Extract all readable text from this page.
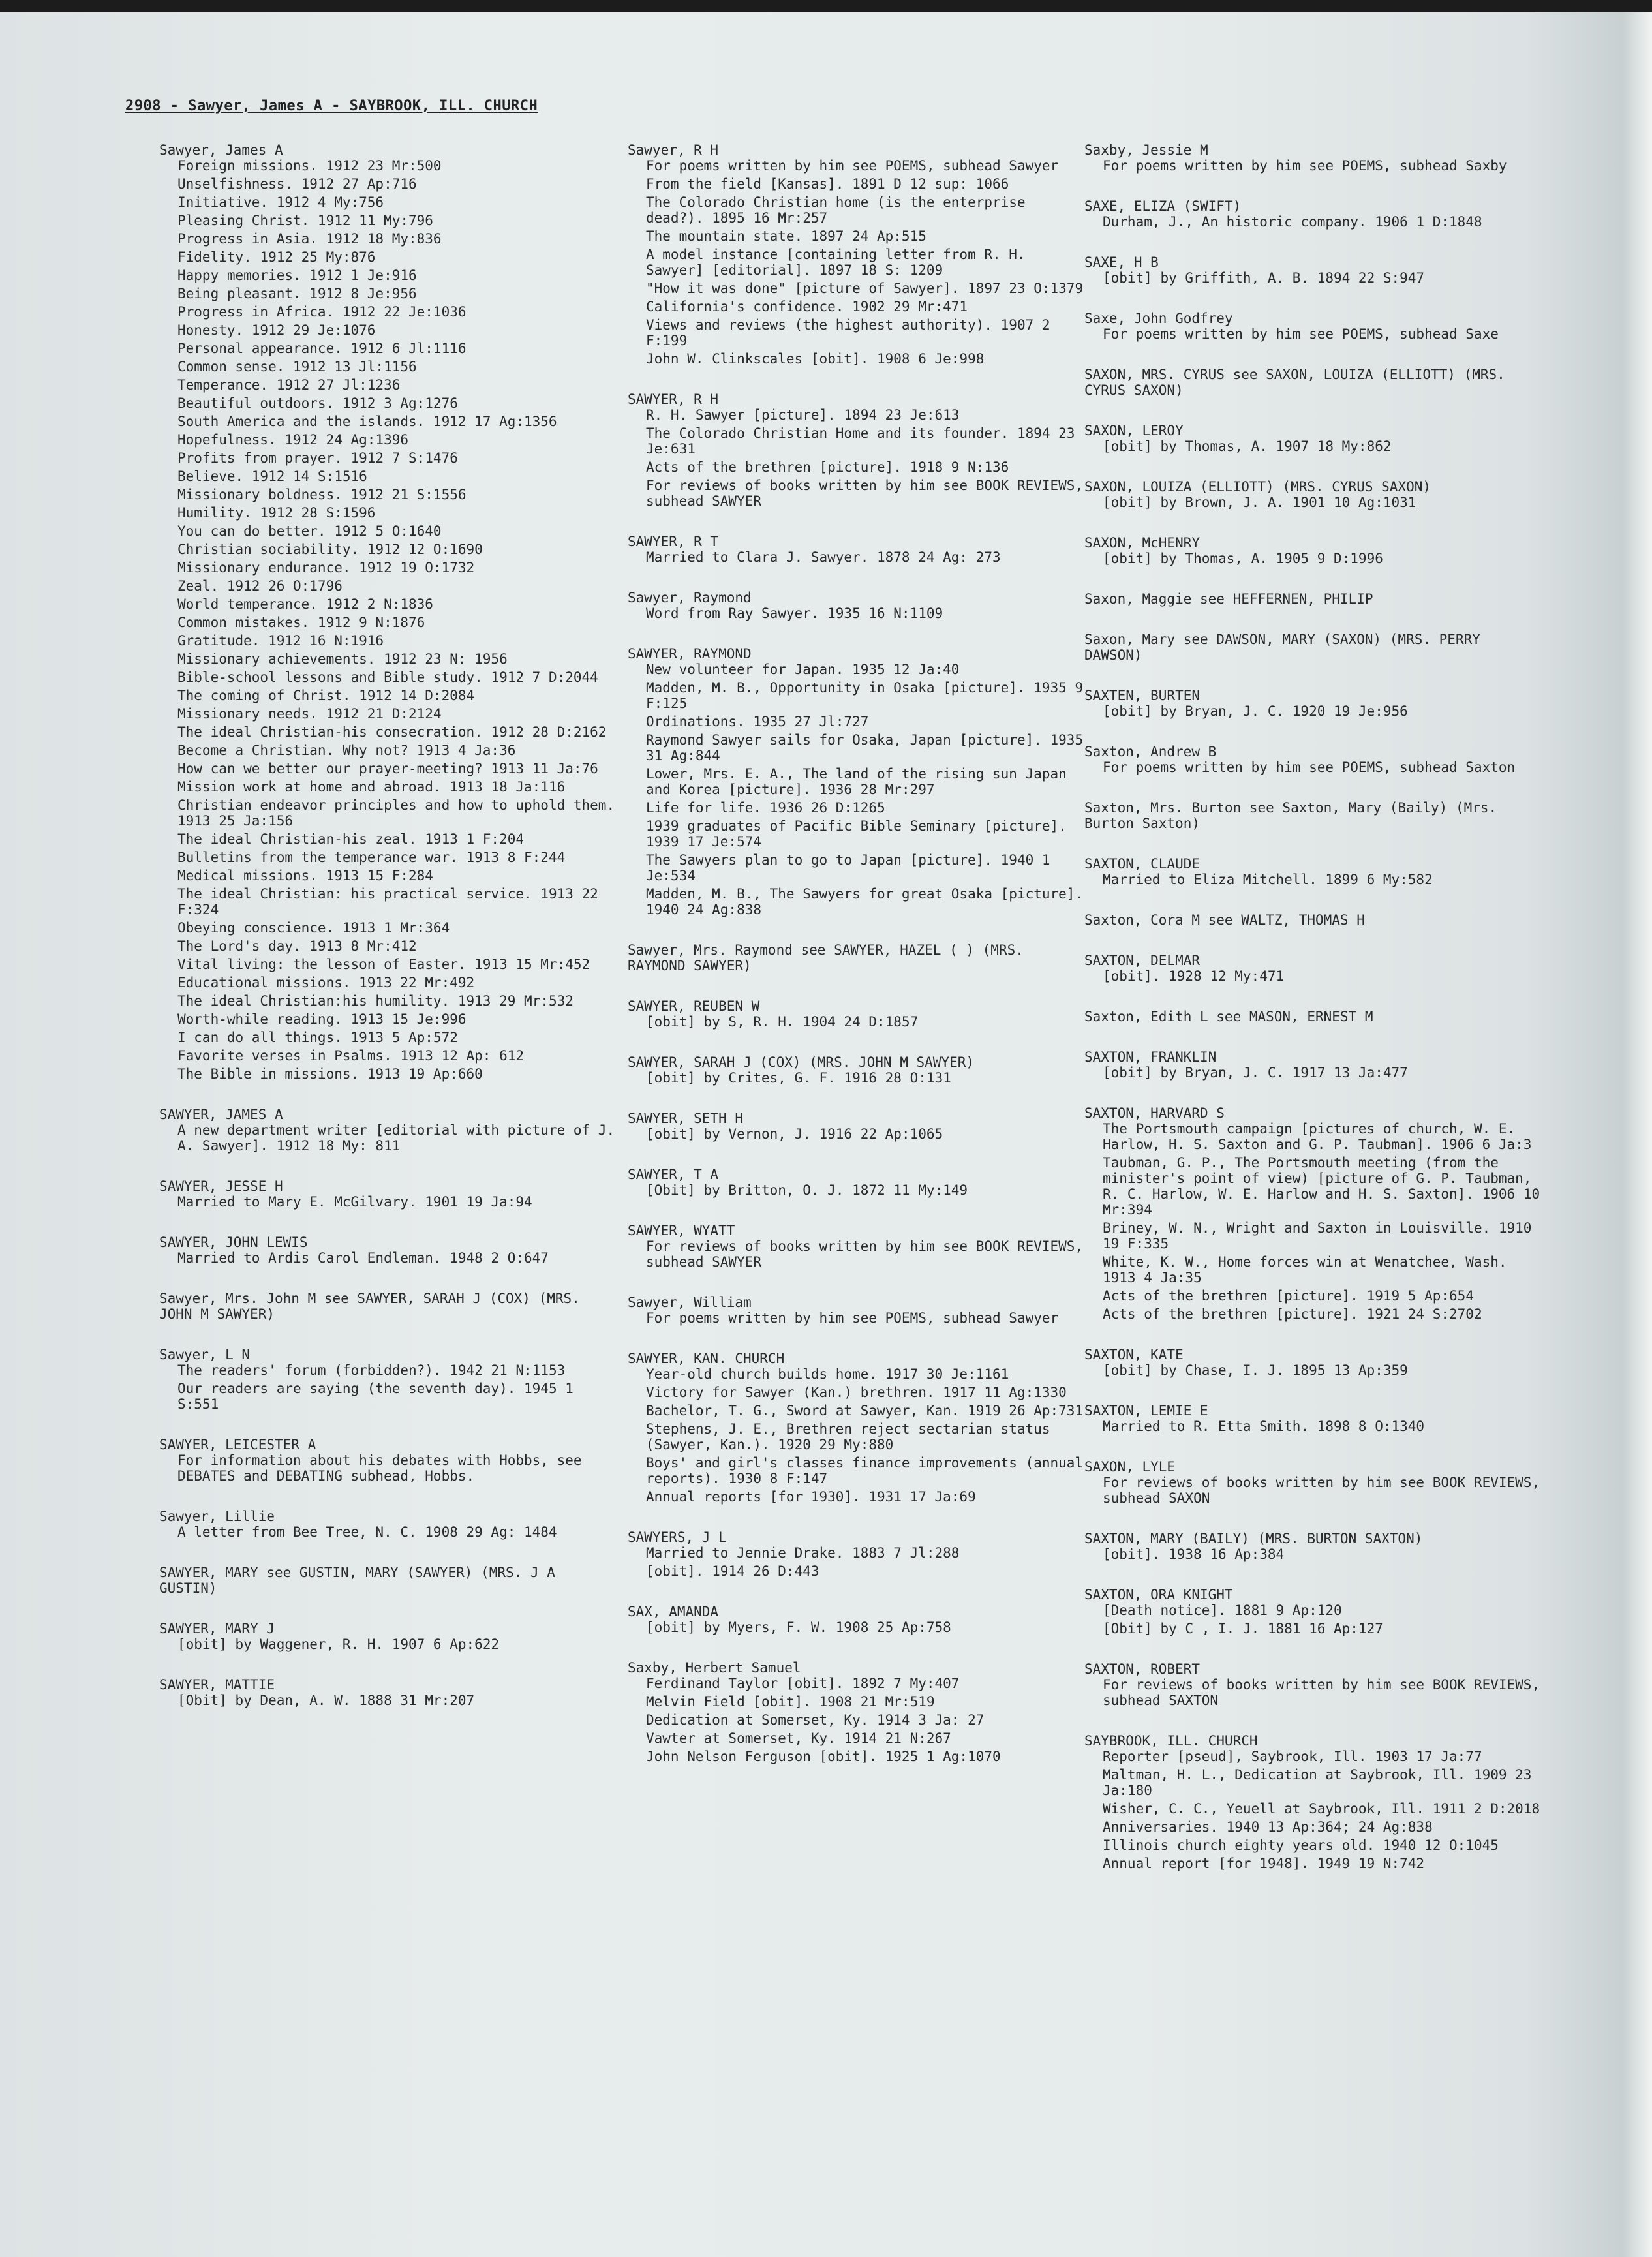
2908 - Sawyer, James A - SAYBROOK, ILL. CHURCH
Sawyer, James A
Foreign missions. 1912 23 Mr:500
Unselfishness. 1912 27 Ap:716
Initiative. 1912 4 My:756
Pleasing Christ. 1912 11 My:796
Progress in Asia. 1912 18 My:836
Fidelity. 1912 25 My:876
Happy memories. 1912 1 Je:916
Being pleasant. 1912 8 Je:956
Progress in Africa. 1912 22 Je:1036
Honesty. 1912 29 Je:1076
Personal appearance. 1912 6 Jl:1116
Common sense. 1912 13 Jl:1156
Temperance. 1912 27 Jl:1236
Beautiful outdoors. 1912 3 Ag:1276
South America and the islands. 1912 17 Ag:1356
Hopefulness. 1912 24 Ag:1396
Profits from prayer. 1912 7 S:1476
Believe. 1912 14 S:1516
Missionary boldness. 1912 21 S:1556
Humility. 1912 28 S:1596
You can do better. 1912 5 O:1640
Christian sociability. 1912 12 O:1690
Missionary endurance. 1912 19 O:1732
Zeal. 1912 26 O:1796
World temperance. 1912 2 N:1836
Common mistakes. 1912 9 N:1876
Gratitude. 1912 16 N:1916
Missionary achievements. 1912 23 N: 1956
Bible-school lessons and Bible study. 1912 7 D:2044
The coming of Christ. 1912 14 D:2084
Missionary needs. 1912 21 D:2124
The ideal Christian-his consecration. 1912 28 D:2162
Become a Christian. Why not? 1913 4 Ja:36
How can we better our prayer-meeting? 1913 11 Ja:76
Mission work at home and abroad. 1913 18 Ja:116
Christian endeavor principles and how to uphold them. 1913 25 Ja:156
The ideal Christian-his zeal. 1913 1 F:204
Bulletins from the temperance war. 1913 8 F:244
Medical missions. 1913 15 F:284
The ideal Christian: his practical service. 1913 22 F:324
Obeying conscience. 1913 1 Mr:364
The Lord's day. 1913 8 Mr:412
Vital living: the lesson of Easter. 1913 15 Mr:452
Educational missions. 1913 22 Mr:492
The ideal Christian:his humility. 1913 29 Mr:532
Worth-while reading. 1913 15 Je:996
I can do all things. 1913 5 Ap:572
Favorite verses in Psalms. 1913 12 Ap: 612
The Bible in missions. 1913 19 Ap:660
SAWYER, JAMES A
A new department writer [editorial with picture of J. A. Sawyer]. 1912 18 My: 811
SAWYER, JESSE H
Married to Mary E. McGilvary. 1901 19 Ja:94
SAWYER, JOHN LEWIS
Married to Ardis Carol Endleman. 1948 2 O:647
Sawyer, Mrs. John M see SAWYER, SARAH J (COX) (MRS. JOHN M SAWYER)
Sawyer, L N
The readers' forum (forbidden?). 1942 21 N:1153
Our readers are saying (the seventh day). 1945 1 S:551
SAWYER, LEICESTER A
For information about his debates with Hobbs, see DEBATES and DEBATING subhead, Hobbs.
Sawyer, Lillie
A letter from Bee Tree, N. C. 1908 29 Ag: 1484
SAWYER, MARY see GUSTIN, MARY (SAWYER) (MRS. J A GUSTIN)
SAWYER, MARY J
[obit] by Waggener, R. H. 1907 6 Ap:622
SAWYER, MATTIE
[Obit] by Dean, A. W. 1888 31 Mr:207
Sawyer, R H
For poems written by him see POEMS, subhead Sawyer
From the field [Kansas]. 1891 D 12 sup: 1066
The Colorado Christian home (is the enterprise dead?). 1895 16 Mr:257
The mountain state. 1897 24 Ap:515
A model instance [containing letter from R. H. Sawyer] [editorial]. 1897 18 S: 1209
"How it was done" [picture of Sawyer]. 1897 23 O:1379
California's confidence. 1902 29 Mr:471
Views and reviews (the highest authority). 1907 2 F:199
John W. Clinkscales [obit]. 1908 6 Je:998
SAWYER, R H
R. H. Sawyer [picture]. 1894 23 Je:613
The Colorado Christian Home and its founder. 1894 23 Je:631
Acts of the brethren [picture]. 1918 9 N:136
For reviews of books written by him see BOOK REVIEWS, subhead SAWYER
SAWYER, R T
Married to Clara J. Sawyer. 1878 24 Ag: 273
Sawyer, Raymond
Word from Ray Sawyer. 1935 16 N:1109
SAWYER, RAYMOND
New volunteer for Japan. 1935 12 Ja:40
Madden, M. B., Opportunity in Osaka [picture]. 1935 9 F:125
Ordinations. 1935 27 Jl:727
Raymond Sawyer sails for Osaka, Japan [picture]. 1935 31 Ag:844
Lower, Mrs. E. A., The land of the rising sun Japan and Korea [picture]. 1936 28 Mr:297
Life for life. 1936 26 D:1265
1939 graduates of Pacific Bible Seminary [picture]. 1939 17 Je:574
The Sawyers plan to go to Japan [picture]. 1940 1 Je:534
Madden, M. B., The Sawyers for great Osaka [picture]. 1940 24 Ag:838
Sawyer, Mrs. Raymond see SAWYER, HAZEL ( ) (MRS. RAYMOND SAWYER)
SAWYER, REUBEN W
[obit] by S, R. H. 1904 24 D:1857
SAWYER, SARAH J (COX) (MRS. JOHN M SAWYER)
[obit] by Crites, G. F. 1916 28 O:131
SAWYER, SETH H
[obit] by Vernon, J. 1916 22 Ap:1065
SAWYER, T A
[Obit] by Britton, O. J. 1872 11 My:149
SAWYER, WYATT
For reviews of books written by him see BOOK REVIEWS, subhead SAWYER
Sawyer, William
For poems written by him see POEMS, subhead Sawyer
SAWYER, KAN. CHURCH
Year-old church builds home. 1917 30 Je:1161
Victory for Sawyer (Kan.) brethren. 1917 11 Ag:1330
Bachelor, T. G., Sword at Sawyer, Kan. 1919 26 Ap:731
Stephens, J. E., Brethren reject sectarian status (Sawyer, Kan.). 1920 29 My:880
Boys' and girl's classes finance improvements (annual reports). 1930 8 F:147
Annual reports [for 1930]. 1931 17 Ja:69
SAWYERS, J L
Married to Jennie Drake. 1883 7 Jl:288
[obit]. 1914 26 D:443
SAX, AMANDA
[obit] by Myers, F. W. 1908 25 Ap:758
Saxby, Herbert Samuel
Ferdinand Taylor [obit]. 1892 7 My:407
Melvin Field [obit]. 1908 21 Mr:519
Dedication at Somerset, Ky. 1914 3 Ja: 27
Vawter at Somerset, Ky. 1914 21 N:267
John Nelson Ferguson [obit]. 1925 1 Ag:1070
Saxby, Jessie M
For poems written by him see POEMS, subhead Saxby
SAXE, ELIZA (SWIFT)
Durham, J., An historic company. 1906 1 D:1848
SAXE, H B
[obit] by Griffith, A. B. 1894 22 S:947
Saxe, John Godfrey
For poems written by him see POEMS, subhead Saxe
SAXON, MRS. CYRUS see SAXON, LOUIZA (ELLIOTT) (MRS. CYRUS SAXON)
SAXON, LEROY
[obit] by Thomas, A. 1907 18 My:862
SAXON, LOUIZA (ELLIOTT) (MRS. CYRUS SAXON)
[obit] by Brown, J. A. 1901 10 Ag:1031
SAXON, McHENRY
[obit] by Thomas, A. 1905 9 D:1996
Saxon, Maggie see HEFFERNEN, PHILIP
Saxon, Mary see DAWSON, MARY (SAXON) (MRS. PERRY DAWSON)
SAXTEN, BURTEN
[obit] by Bryan, J. C. 1920 19 Je:956
Saxton, Andrew B
For poems written by him see POEMS, subhead Saxton
Saxton, Mrs. Burton see Saxton, Mary (Baily) (Mrs. Burton Saxton)
SAXTON, CLAUDE
Married to Eliza Mitchell. 1899 6 My:582
Saxton, Cora M see WALTZ, THOMAS H
SAXTON, DELMAR
[obit]. 1928 12 My:471
Saxton, Edith L see MASON, ERNEST M
SAXTON, FRANKLIN
[obit] by Bryan, J. C. 1917 13 Ja:477
SAXTON, HARVARD S
The Portsmouth campaign [pictures of church, W. E. Harlow, H. S. Saxton and G. P. Taubman]. 1906 6 Ja:3
Taubman, G. P., The Portsmouth meeting (from the minister's point of view) [picture of G. P. Taubman, R. C. Harlow, W. E. Harlow and H. S. Saxton]. 1906 10 Mr:394
Briney, W. N., Wright and Saxton in Louisville. 1910 19 F:335
White, K. W., Home forces win at Wenatchee, Wash. 1913 4 Ja:35
Acts of the brethren [picture]. 1919 5 Ap:654
Acts of the brethren [picture]. 1921 24 S:2702
SAXTON, KATE
[obit] by Chase, I. J. 1895 13 Ap:359
SAXTON, LEMIE E
Married to R. Etta Smith. 1898 8 O:1340
SAXON, LYLE
For reviews of books written by him see BOOK REVIEWS, subhead SAXON
SAXTON, MARY (BAILY) (MRS. BURTON SAXTON)
[obit]. 1938 16 Ap:384
SAXTON, ORA KNIGHT
[Death notice]. 1881 9 Ap:120
[Obit] by C , I. J. 1881 16 Ap:127
SAXTON, ROBERT
For reviews of books written by him see BOOK REVIEWS, subhead SAXTON
SAYBROOK, ILL. CHURCH
Reporter [pseud], Saybrook, Ill. 1903 17 Ja:77
Maltman, H. L., Dedication at Saybrook, Ill. 1909 23 Ja:180
Wisher, C. C., Yeuell at Saybrook, Ill. 1911 2 D:2018
Anniversaries. 1940 13 Ap:364; 24 Ag:838
Illinois church eighty years old. 1940 12 O:1045
Annual report [for 1948]. 1949 19 N:742
